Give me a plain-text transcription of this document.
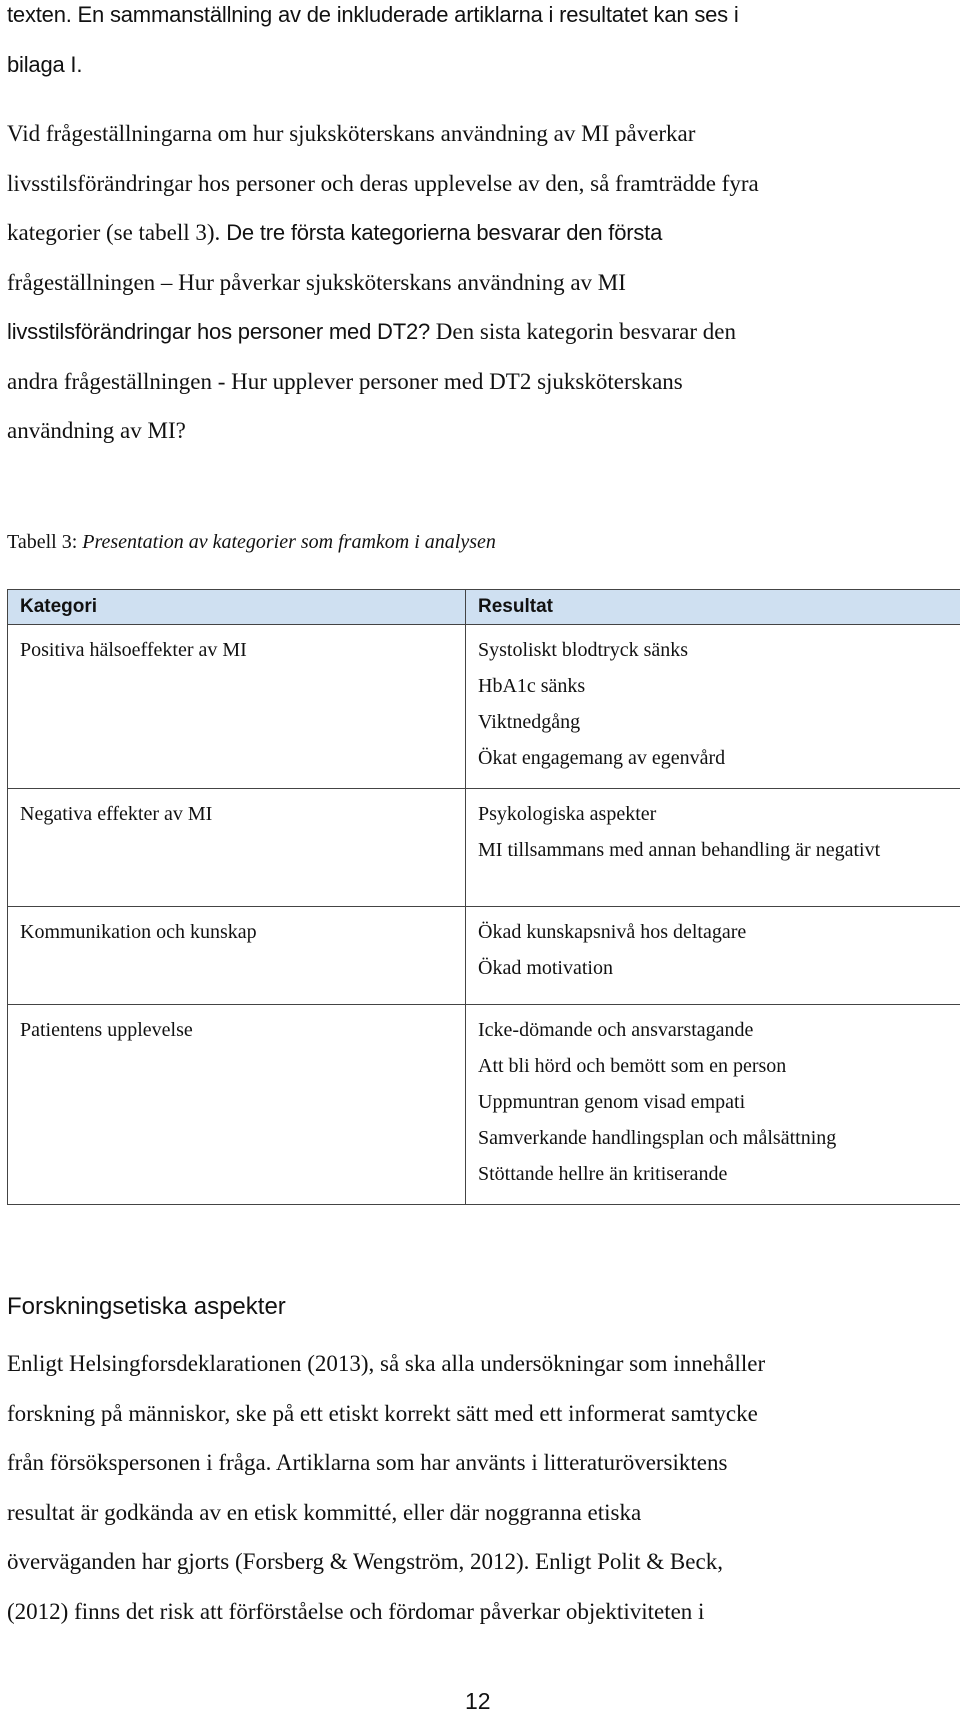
texten. En sammanställning av de inkluderade artiklarna i resultatet kan ses i

bilaga I.

Vid frågeställningarna om hur sjuksköterskans användning av MI påverkar

livsstilsförändringar hos personer och deras upplevelse av den, så framträdde fyra

kategorier (se tabell 3). De tre första kategorierna besvarar den första

frågeställningen – Hur påverkar sjuksköterskans användning av MI

livsstilsförändringar hos personer med DT2? Den sista kategorin besvarar den

andra frågeställningen - Hur upplever personer med DT2 sjuksköterskans

användning av MI?

Tabell 3: Presentation av kategorier som framkom i analysen
Kategori	Resultat

Positiva hälsoeffekter av MI	Systoliskt blodtryck sänks
HbA1c sänks
Viktnedgång
Ökat engagemang av egenvård

Negativa effekter av MI	Psykologiska aspekter
MI tillsammans med annan behandling är negativt

Kommunikation och kunskap	Ökad kunskapsnivå hos deltagare
Ökad motivation

Patientens upplevelse	Icke-dömande och ansvarstagande
Att bli hörd och bemött som en person
Uppmuntran genom visad empati
Samverkande handlingsplan och målsättning
Stöttande hellre än kritiserande
Forskningsetiska aspekter

Enligt Helsingforsdeklarationen (2013), så ska alla undersökningar som innehåller

forskning på människor, ske på ett etiskt korrekt sätt med ett informerat samtycke

från försökspersonen i fråga. Artiklarna som har använts i litteraturöversiktens

resultat är godkända av en etisk kommitté, eller där noggranna etiska

överväganden har gjorts (Forsberg & Wengström, 2012). Enligt Polit & Beck,

(2012) finns det risk att förförståelse och fördomar påverkar objektiviteten i

12
